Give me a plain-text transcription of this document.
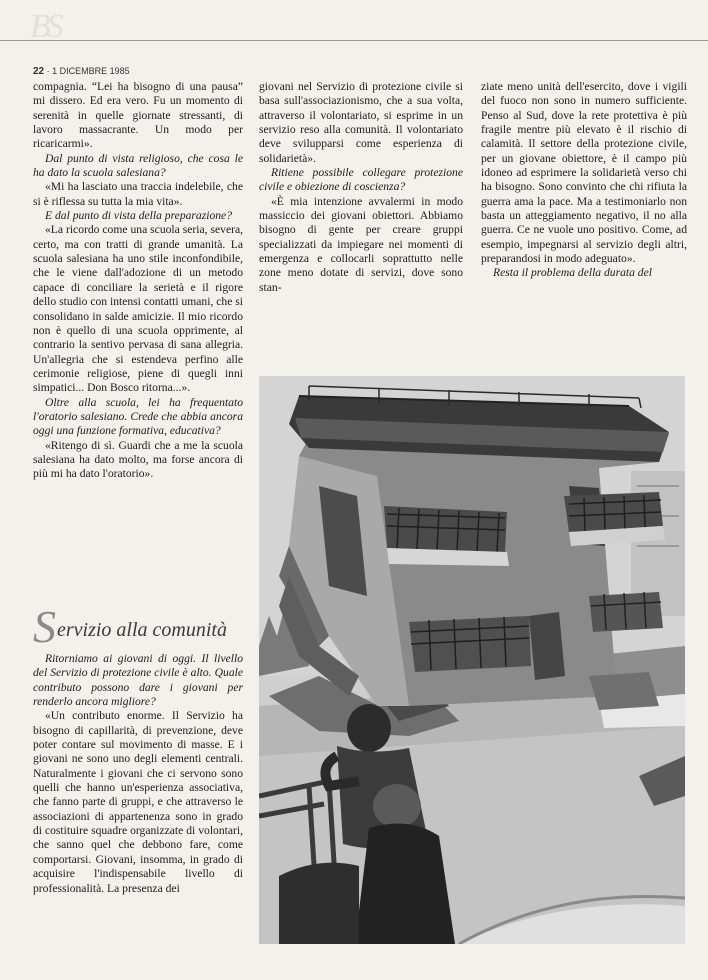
BS
22 · 1 DICEMBRE 1985

compagnia. “Lei ha bisogno di una pausa” mi dissero. Ed era vero. Fu un momento di serenità in quelle giornate stressanti, di lavoro massacrante. Un modo per ricaricarmi».

Dal punto di vista religioso, che cosa le ha dato la scuola salesiana?

«Mi ha lasciato una traccia indelebile, che si è riflessa su tutta la mia vita».

E dal punto di vista della preparazione?

«La ricordo come una scuola seria, severa, certo, ma con tratti di grande umanità. La scuola salesiana ha uno stile inconfondibile, che le viene dall'adozione di un metodo capace di conciliare la serietà e il rigore dello studio con intensi contatti umani, che si consolidano in salde amicizie. Il mio ricordo non è quello di una scuola opprimente, al contrario la sentivo pervasa di sana allegria. Un'allegria che si estendeva perfino alle cerimonie religiose, piene di quegli inni simpatici... Don Bosco ritorna...».

Oltre alla scuola, lei ha frequentato l'oratorio salesiano. Crede che abbia ancora oggi una funzione formativa, educativa?

«Ritengo di sì. Guardi che a me la scuola salesiana ha dato molto, ma forse ancora di più mi ha dato l'oratorio».

Servizio alla comunità

Ritorniamo ai giovani di oggi. Il livello del Servizio di protezione civile è alto. Quale contributo possono dare i giovani per renderlo ancora migliore?

«Un contributo enorme. Il Servizio ha bisogno di capillarità, di prevenzione, deve poter contare sul movimento di masse. E i giovani ne sono uno degli elementi centrali. Naturalmente i giovani che ci servono sono quelli che hanno un'esperienza associativa, che fanno parte di gruppi, e che attraverso le associazioni di appartenenza sono in grado di costituire squadre organizzate di volontari, che sanno quel che debbono fare, come comportarsi. Giovani, insomma, in grado di acquisire l'indispensabile livello di professionalità. La presenza dei

giovani nel Servizio di protezione civile si basa sull'associazionismo, che a sua volta, attraverso il volontariato, si esprime in un servizio reso alla comunità. Il volontariato deve svilupparsi come esperienza di solidarietà».

Ritiene possibile collegare protezione civile e obiezione di coscienza?

«È mia intenzione avvalermi in modo massiccio dei giovani obiettori. Abbiamo bisogno di gente per creare gruppi specializzati da impiegare nei momenti di emergenza e collocarli soprattutto nelle zone meno dotate di servizi, dove sono stan-

ziate meno unità dell'esercito, dove i vigili del fuoco non sono in numero sufficiente. Penso al Sud, dove la rete protettiva è più fragile mentre più elevato è il rischio di calamità. Il settore della protezione civile, per un giovane obiettore, è il campo più idoneo ad esprimere la solidarietà verso chi ha bisogno. Sono convinto che chi rifiuta la guerra ama la pace. Ma a testimoniarlo non basta un atteggiamento negativo, il no alla guerra. Ce ne vuole uno positivo. Come, ad esempio, impegnarsi al servizio degli altri, preparandosi in modo adeguato».

Resta il problema della durata del
